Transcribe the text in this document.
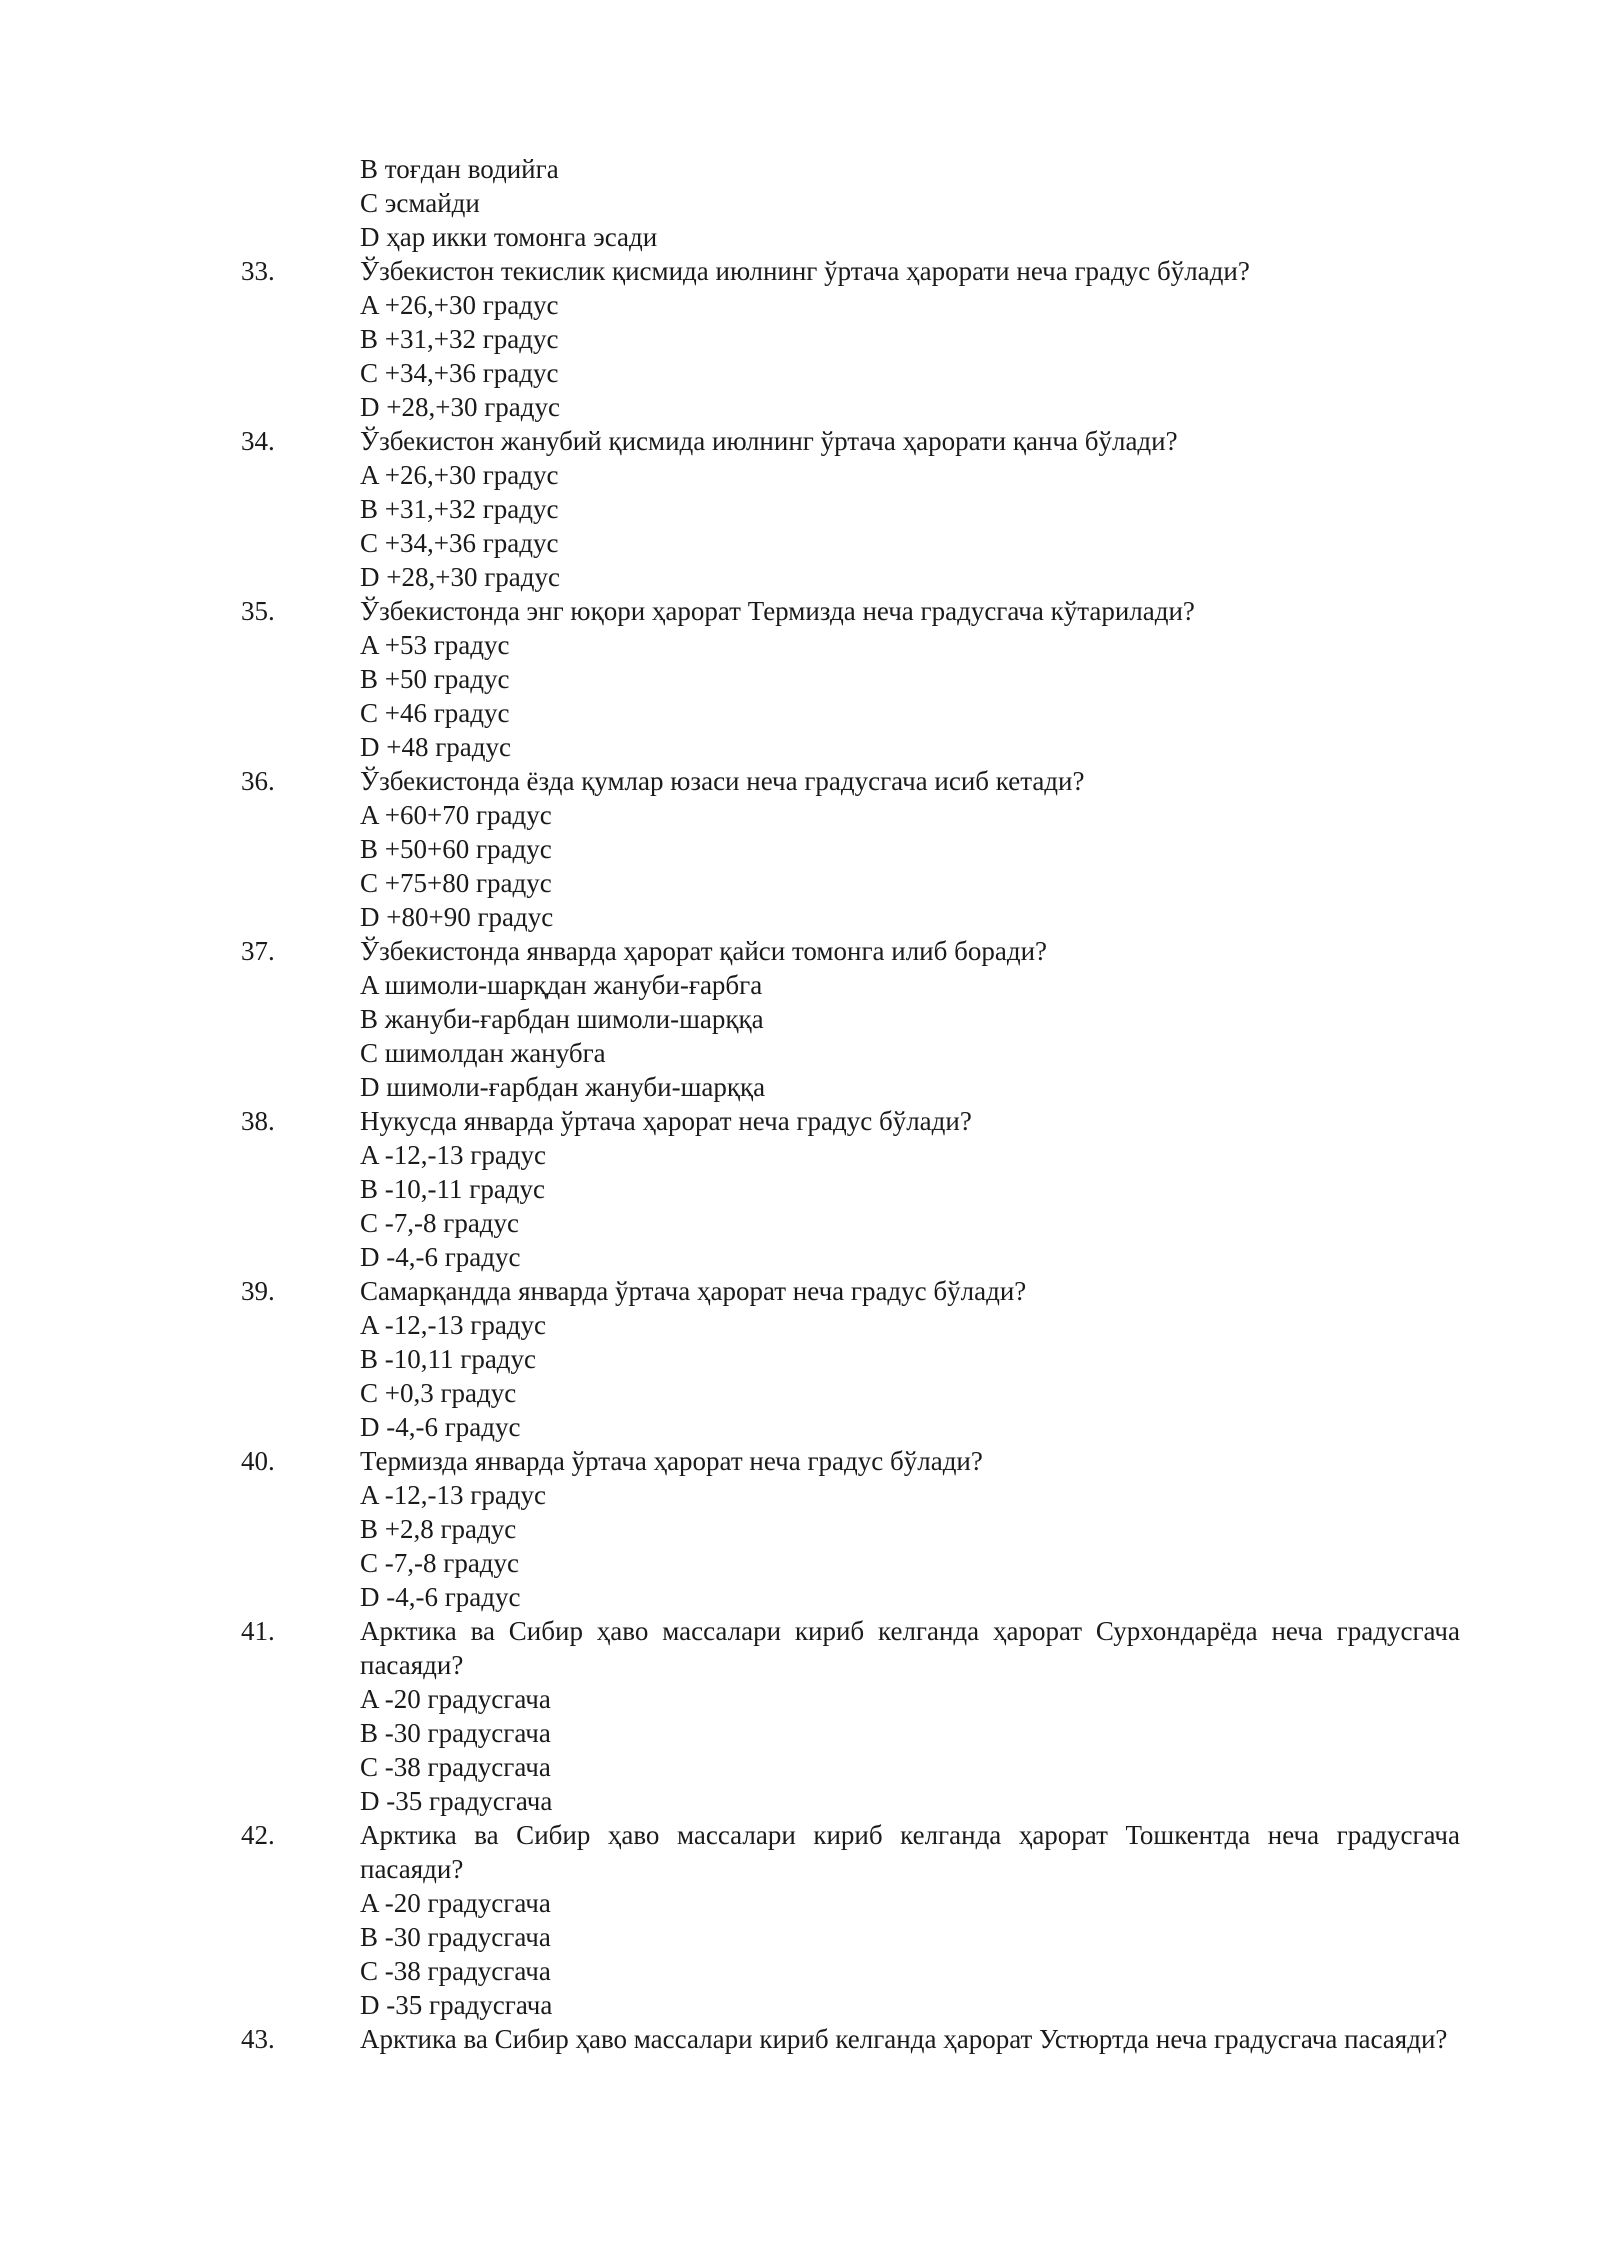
B тоғдан водийга
C эсмайди
D ҳар икки томонга эсади
33.	Ўзбекистон текислик қисмида июлнинг ўртача ҳарорати неча градус бўлади?
A +26,+30 градус
B +31,+32 градус
C +34,+36 градус
D +28,+30 градус
34.	Ўзбекистон жанубий қисмида июлнинг ўртача ҳарорати қанча бўлади?
A +26,+30 градус
B +31,+32 градус
C +34,+36 градус
D +28,+30 градус
35.	Ўзбекистонда энг юқори ҳарорат Термизда неча градусгача кўтарилади?
A +53 градус
B +50 градус
C +46 градус
D +48 градус
36.	Ўзбекистонда ёзда қумлар юзаси неча градусгача исиб кетади?
A +60+70 градус
B +50+60 градус
C +75+80 градус
D +80+90 градус
37.	Ўзбекистонда январда ҳарорат қайси томонга илиб боради?
A шимоли-шарқдан жануби-ғарбга
B жануби-ғарбдан шимоли-шарққа
C шимолдан жанубга
D шимоли-ғарбдан жануби-шарққа
38.	Нукусда январда ўртача ҳарорат неча градус бўлади?
A -12,-13 градус
B -10,-11 градус
C -7,-8 градус
D -4,-6 градус
39.	Самарқандда январда ўртача ҳарорат неча градус бўлади?
A -12,-13 градус
B -10,11 градус
C +0,3 градус
D -4,-6 градус
40.	Термизда январда ўртача ҳарорат неча градус бўлади?
A -12,-13 градус
B +2,8 градус
C -7,-8 градус
D -4,-6 градус
41.	Арктика ва Сибир ҳаво массалари кириб келганда ҳарорат Сурхондарёда неча градусгача пасаяди?
A -20 градусгача
B -30 градусгача
C -38 градусгача
D -35 градусгача
42.	Арктика ва Сибир ҳаво массалари кириб келганда ҳарорат Тошкентда неча градусгача пасаяди?
A -20 градусгача
B -30 градусгача
C -38 градусгача
D -35 градусгача
43.	Арктика ва Сибир ҳаво массалари кириб келганда ҳарорат Устюртда неча градусгача пасаяди?
